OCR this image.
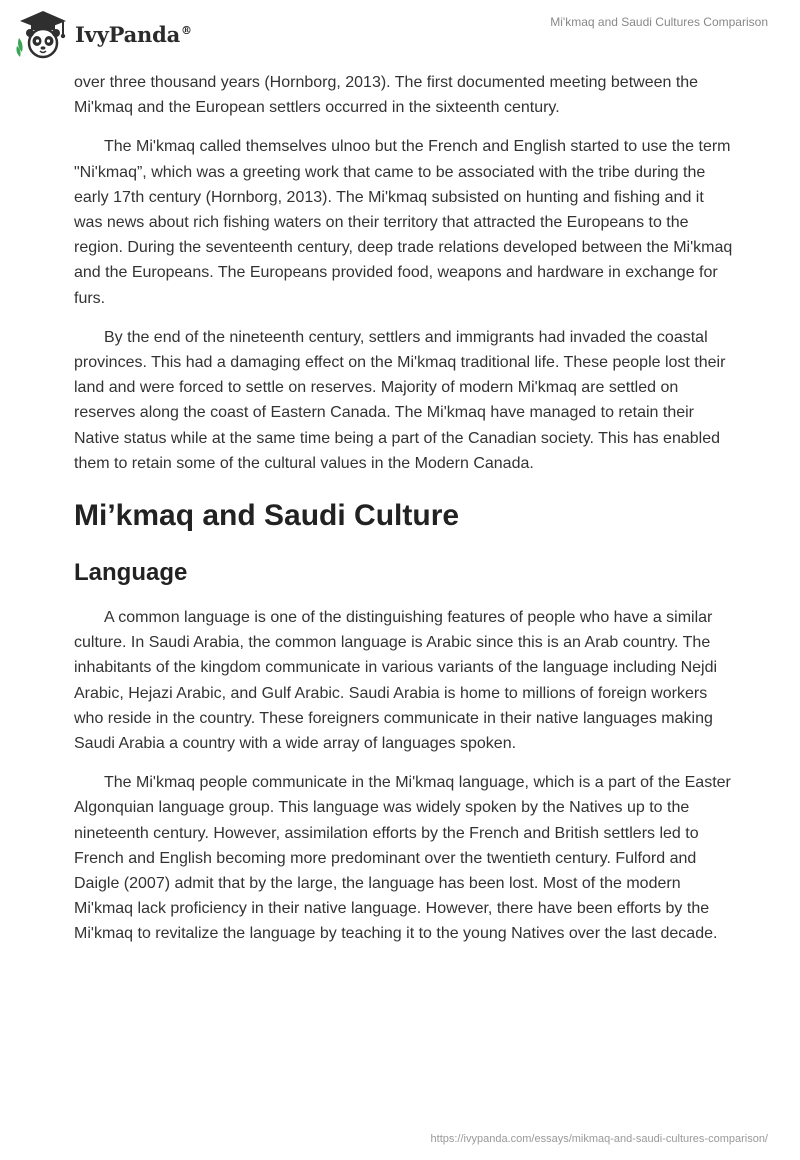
IvyPanda®
Mi'kmaq and Saudi Cultures Comparison

over three thousand years (Hornborg, 2013). The first documented meeting between the Mi'kmaq and the European settlers occurred in the sixteenth century.

The Mi'kmaq called themselves ulnoo but the French and English started to use the term "Ni'kmaq”, which was a greeting work that came to be associated with the tribe during the early 17th century (Hornborg, 2013). The Mi'kmaq subsisted on hunting and fishing and it was news about rich fishing waters on their territory that attracted the Europeans to the region. During the seventeenth century, deep trade relations developed between the Mi'kmaq and the Europeans. The Europeans provided food, weapons and hardware in exchange for furs.

By the end of the nineteenth century, settlers and immigrants had invaded the coastal provinces. This had a damaging effect on the Mi'kmaq traditional life. These people lost their land and were forced to settle on reserves. Majority of modern Mi'kmaq are settled on reserves along the coast of Eastern Canada. The Mi'kmaq have managed to retain their Native status while at the same time being a part of the Canadian society. This has enabled them to retain some of the cultural values in the Modern Canada.

Mi’kmaq and Saudi Culture
Language

A common language is one of the distinguishing features of people who have a similar culture. In Saudi Arabia, the common language is Arabic since this is an Arab country. The inhabitants of the kingdom communicate in various variants of the language including Nejdi Arabic, Hejazi Arabic, and Gulf Arabic. Saudi Arabia is home to millions of foreign workers who reside in the country. These foreigners communicate in their native languages making Saudi Arabia a country with a wide array of languages spoken.

The Mi'kmaq people communicate in the Mi'kmaq language, which is a part of the Easter Algonquian language group. This language was widely spoken by the Natives up to the nineteenth century. However, assimilation efforts by the French and British settlers led to French and English becoming more predominant over the twentieth century. Fulford and Daigle (2007) admit that by the large, the language has been lost. Most of the modern Mi'kmaq lack proficiency in their native language. However, there have been efforts by the Mi'kmaq to revitalize the language by teaching it to the young Natives over the last decade.

https://ivypanda.com/essays/mikmaq-and-saudi-cultures-comparison/
